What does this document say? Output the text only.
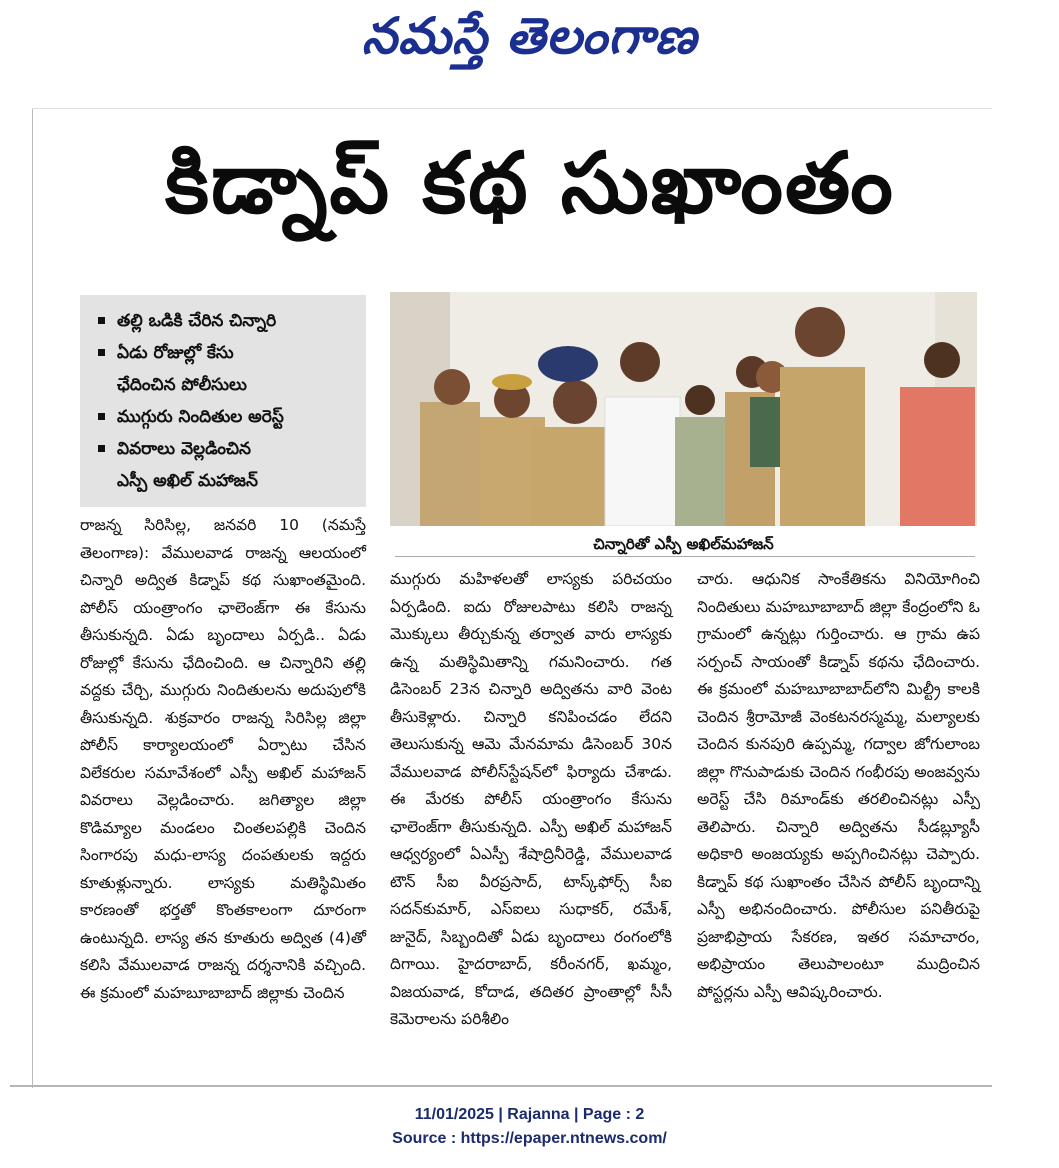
నమస్తే తెలంగాణ
కిడ్నాప్ కథ సుఖాంతం
తల్లి ఒడికి చేరిన చిన్నారి
ఏడు రోజుల్లో కేసు
ఛేదించిన పోలీసులు
ముగ్గురు నిందితుల అరెస్ట్
వివరాలు వెల్లడించిన
ఎస్పీ అఖిల్ మహాజన్
చిన్నారితో ఎస్పీ అఖిల్‌మహాజన్
రాజన్న సిరిసిల్ల, జనవరి 10 (నమస్తే తెలంగాణ): వేములవాడ రాజన్న ఆలయంలో చిన్నారి అద్విత కిడ్నాప్ కథ సుఖాంతమైంది. పోలీస్ యంత్రాంగం ఛాలెంజ్‌గా ఈ కేసును తీసుకున్నది. ఏడు బృందాలు ఏర్పడి.. ఏడు రోజుల్లో కేసును ఛేదించింది. ఆ చిన్నారిని తల్లి వద్దకు చేర్చి, ముగ్గురు నిందితులను అదుపులోకి తీసుకున్నది. శుక్రవారం రాజన్న సిరిసిల్ల జిల్లా పోలీస్ కార్యాలయంలో ఏర్పాటు చేసిన విలేకరుల సమావేశంలో ఎస్పీ అఖిల్ మహాజన్ వివరాలు వెల్లడించారు. జగిత్యాల జిల్లా కొడిమ్యాల మండలం చింతలపల్లికి చెందిన సింగారపు మధు-లాస్య దంపతులకు ఇద్దరు కూతుళ్లున్నారు. లాస్యకు మతిస్థిమితం కారణంతో భర్తతో కొంతకాలంగా దూరంగా ఉంటున్నది. లాస్య తన కూతురు అద్విత (4)తో కలిసి వేములవాడ రాజన్న దర్శనానికి వచ్చింది. ఈ క్రమంలో మహబూబాబాద్ జిల్లాకు చెందిన
ముగ్గురు మహిళలతో లాస్యకు పరిచయం ఏర్పడింది. ఐదు రోజులపాటు కలిసి రాజన్న మొక్కులు తీర్చుకున్న తర్వాత వారు లాస్యకు ఉన్న మతిస్థిమితాన్ని గమనించారు. గత డిసెంబర్ 23న చిన్నారి అద్వితను వారి వెంట తీసుకెళ్లారు. చిన్నారి కనిపించడం లేదని తెలుసుకున్న ఆమె మేనమామ డిసెంబర్ 30న వేములవాడ పోలీస్‌స్టేషన్‌లో ఫిర్యాదు చేశాడు. ఈ మేరకు పోలీస్ యంత్రాంగం కేసును ఛాలెంజ్‌గా తీసుకున్నది. ఎస్పీ అఖిల్ మహాజన్ ఆధ్వర్యంలో ఏఎస్పీ శేషాద్రినీరెడ్డి, వేములవాడ టౌన్ సీఐ వీరప్రసాద్, టాస్క్‌ఫోర్స్ సీఐ సదన్‌కుమార్, ఎస్‌ఐలు సుధాకర్, రమేశ్, జునైద్, సిబ్బందితో ఏడు బృందాలు రంగంలోకి దిగాయి. హైదరాబాద్, కరీంనగర్, ఖమ్మం, విజయవాడ, కోదాడ, తదితర ప్రాంతాల్లో సీసీ కెమెరాలను పరిశీలిం
చారు. ఆధునిక సాంకేతికను వినియోగించి నిందితులు మహబూబాబాద్ జిల్లా కేంద్రంలోని ఓ గ్రామంలో ఉన్నట్లు గుర్తించారు. ఆ గ్రామ ఉప సర్పంచ్ సాయంతో కిడ్నాప్ కథను ఛేదించారు. ఈ క్రమంలో మహబూబాబాద్‌లోని మిల్ట్రీ కాలకి చెందిన శ్రీరామోజీ వెంకటనరస్మమ్మ, మల్యాలకు చెందిన కునపురి ఉప్పమ్మ, గద్వాల జోగులాంబ జిల్లా గొనుపాడుకు చెందిన గంభీరపు అంజవ్వను అరెస్ట్ చేసి రిమాండ్‌కు తరలించినట్లు ఎస్పీ తెలిపారు. చిన్నారి అద్వితను సీడబ్ల్యూసీ అధికారి అంజయ్యకు అప్పగించినట్లు చెప్పారు. కిడ్నాప్ కథ సుఖాంతం చేసిన పోలీస్ బృందాన్ని ఎస్పీ అభినందించారు. పోలీసుల పనితీరుపై ప్రజాభిప్రాయ సేకరణ, ఇతర సమాచారం, అభిప్రాయం తెలుపాలంటూ ముద్రించిన పోస్టర్లను ఎస్పీ ఆవిష్కరించారు.
11/01/2025 | Rajanna | Page : 2
Source : https://epaper.ntnews.com/
